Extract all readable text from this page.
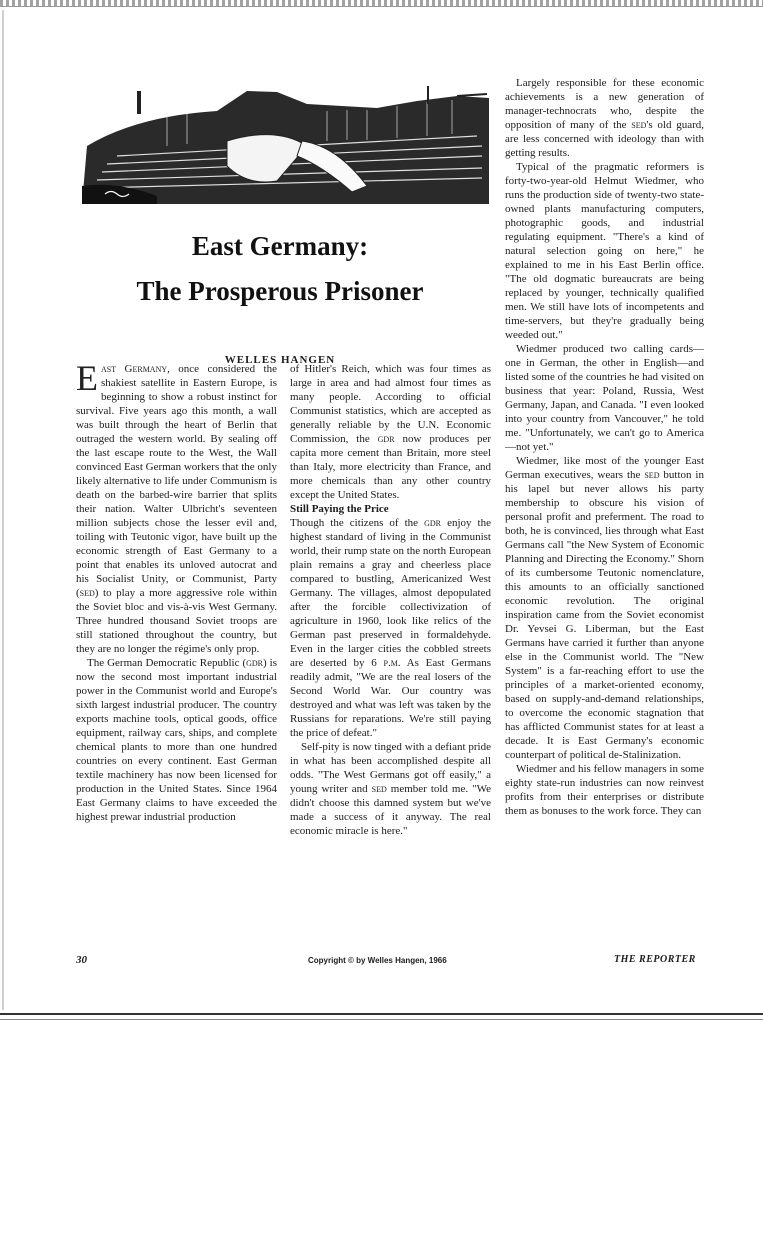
East Germany:
The Prosperous Prisoner
WELLES HANGEN

East Germany, once considered the shakiest satellite in Eastern Europe, is beginning to show a robust instinct for survival. Five years ago this month, a wall was built through the heart of Berlin that outraged the western world. By sealing off the last escape route to the West, the Wall convinced East German workers that the only likely alternative to life under Communism is death on the barbed-wire barrier that splits their nation. Walter Ulbricht's seventeen million subjects chose the lesser evil and, toiling with Teutonic vigor, have built up the economic strength of East Germany to a point that enables its unloved autocrat and his Socialist Unity, or Communist, Party (sed) to play a more aggressive role within the Soviet bloc and vis-à-vis West Germany. Three hundred thousand Soviet troops are still stationed throughout the country, but they are no longer the régime's only prop.

The German Democratic Republic (gdr) is now the second most important industrial power in the Communist world and Europe's sixth largest industrial producer. The country exports machine tools, optical goods, office equipment, railway cars, ships, and complete chemical plants to more than one hundred countries on every continent. East German textile machinery has now been licensed for production in the United States. Since 1964 East Germany claims to have exceeded the highest prewar industrial production

of Hitler's Reich, which was four times as large in area and had almost four times as many people. According to official Communist statistics, which are accepted as generally reliable by the U.N. Economic Commission, the gdr now produces per capita more cement than Britain, more steel than Italy, more electricity than France, and more chemicals than any other country except the United States.

Still Paying the Price

Though the citizens of the gdr enjoy the highest standard of living in the Communist world, their rump state on the north European plain remains a gray and cheerless place compared to bustling, Americanized West Germany. The villages, almost depopulated after the forcible collectivization of agriculture in 1960, look like relics of the German past preserved in formaldehyde. Even in the larger cities the cobbled streets are deserted by 6 p.m. As East Germans readily admit, "We are the real losers of the Second World War. Our country was destroyed and what was left was taken by the Russians for reparations. We're still paying the price of defeat."

Self-pity is now tinged with a defiant pride in what has been accomplished despite all odds. "The West Germans got off easily," a young writer and sed member told me. "We didn't choose this damned system but we've made a success of it anyway. The real economic miracle is here."

Largely responsible for these economic achievements is a new generation of manager-technocrats who, despite the opposition of many of the sed's old guard, are less concerned with ideology than with getting results.

Typical of the pragmatic reformers is forty-two-year-old Helmut Wiedmer, who runs the production side of twenty-two state-owned plants manufacturing computers, photographic goods, and industrial regulating equipment. "There's a kind of natural selection going on here," he explained to me in his East Berlin office. "The old dogmatic bureaucrats are being replaced by younger, technically qualified men. We still have lots of incompetents and time-servers, but they're gradually being weeded out."

Wiedmer produced two calling cards—one in German, the other in English—and listed some of the countries he had visited on business that year: Poland, Russia, West Germany, Japan, and Canada. "I even looked into your country from Vancouver," he told me. "Unfortunately, we can't go to America—not yet."

Wiedmer, like most of the younger East German executives, wears the sed button in his lapel but never allows his party membership to obscure his vision of personal profit and preferment. The road to both, he is convinced, lies through what East Germans call "the New System of Economic Planning and Directing the Economy." Shorn of its cumbersome Teutonic nomenclature, this amounts to an officially sanctioned economic revolution. The original inspiration came from the Soviet economist Dr. Yevsei G. Liberman, but the East Germans have carried it further than anyone else in the Communist world. The "New System" is a far-reaching effort to use the principles of a market-oriented economy, based on supply-and-demand relationships, to overcome the economic stagnation that has afflicted Communist states for at least a decade. It is East Germany's economic counterpart of political de-Stalinization.

Wiedmer and his fellow managers in some eighty state-run industries can now reinvest profits from their enterprises or distribute them as bonuses to the work force. They can

30	Copyright © by Welles Hangen, 1966	THE REPORTER
